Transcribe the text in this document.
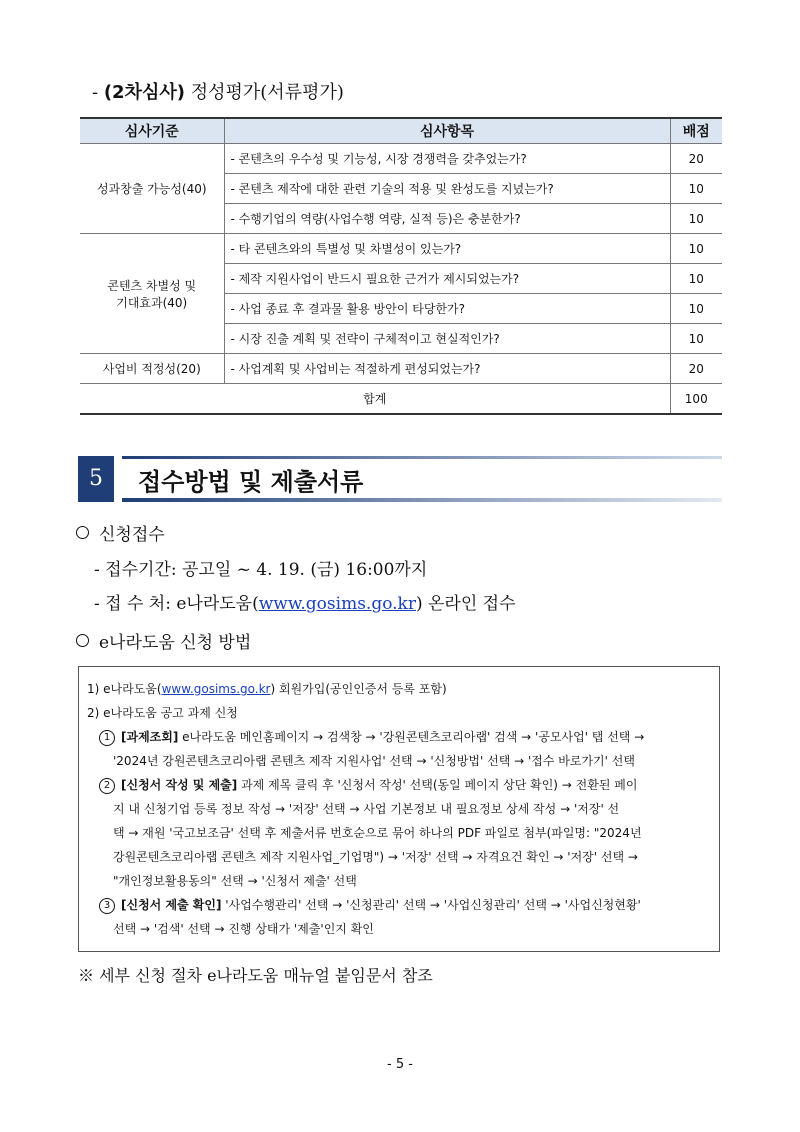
- (2차심사) 정성평가(서류평가)
심사기준	심사항목	배점
성과창출 가능성(40)	- 콘텐츠의 우수성 및 기능성, 시장 경쟁력을 갖추었는가?	20
	- 콘텐츠 제작에 대한 관련 기술의 적용 및 완성도를 지녔는가?	10
	- 수행기업의 역량(사업수행 역량, 실적 등)은 충분한가?	10

콘텐츠 차별성 및
기대효과(40)	- 타 콘텐츠와의 특별성 및 차별성이 있는가?	10
	- 제작 지원사업이 반드시 필요한 근거가 제시되었는가?	10
	- 사업 종료 후 결과물 활용 방안이 타당한가?	10
	- 시장 진출 계획 및 전략이 구체적이고 현실적인가?	10
사업비 적정성(20)	- 사업계획 및 사업비는 적절하게 편성되었는가?	20
합계		100
5	접수방법 및 제출서류
신청접수
- 접수기간: 공고일 ~ 4. 19. (금) 16:00까지
- 접 수 처: e나라도움(www.gosims.go.kr) 온라인 접수
e나라도움 신청 방법
1) e나라도움(www.gosims.go.kr) 회원가입(공인인증서 등록 포함)
2) e나라도움 공고 과제 신청
1 [과제조회] e나라도움 메인홈페이지 → 검색창 → '강원콘텐츠코리아랩' 검색 → '공모사업' 탭 선택 →
'2024년 강원콘텐츠코리아랩 콘텐츠 제작 지원사업' 선택 → '신청방법' 선택 → '접수 바로가기' 선택
2 [신청서 작성 및 제출] 과제 제목 클릭 후 '신청서 작성' 선택(동일 페이지 상단 확인) → 전환된 페이
지 내 신청기업 등록 정보 작성 → '저장' 선택 → 사업 기본정보 내 필요정보 상세 작성 → '저장' 선
택 → 재원 '국고보조금' 선택 후 제출서류 번호순으로 묶어 하나의 PDF 파일로 첨부(파일명: "2024년
강원콘텐츠코리아랩 콘텐츠 제작 지원사업_기업명") → '저장' 선택 → 자격요건 확인 → '저장' 선택 →
"개인정보활용동의" 선택 → '신청서 제출' 선택
3 [신청서 제출 확인] '사업수행관리' 선택 → '신청관리' 선택 → '사업신청관리' 선택 → '사업신청현황'
선택 → '검색' 선택 → 진행 상태가 '제출'인지 확인
※ 세부 신청 절차 e나라도움 매뉴얼 붙임문서 참조
- 5 -
